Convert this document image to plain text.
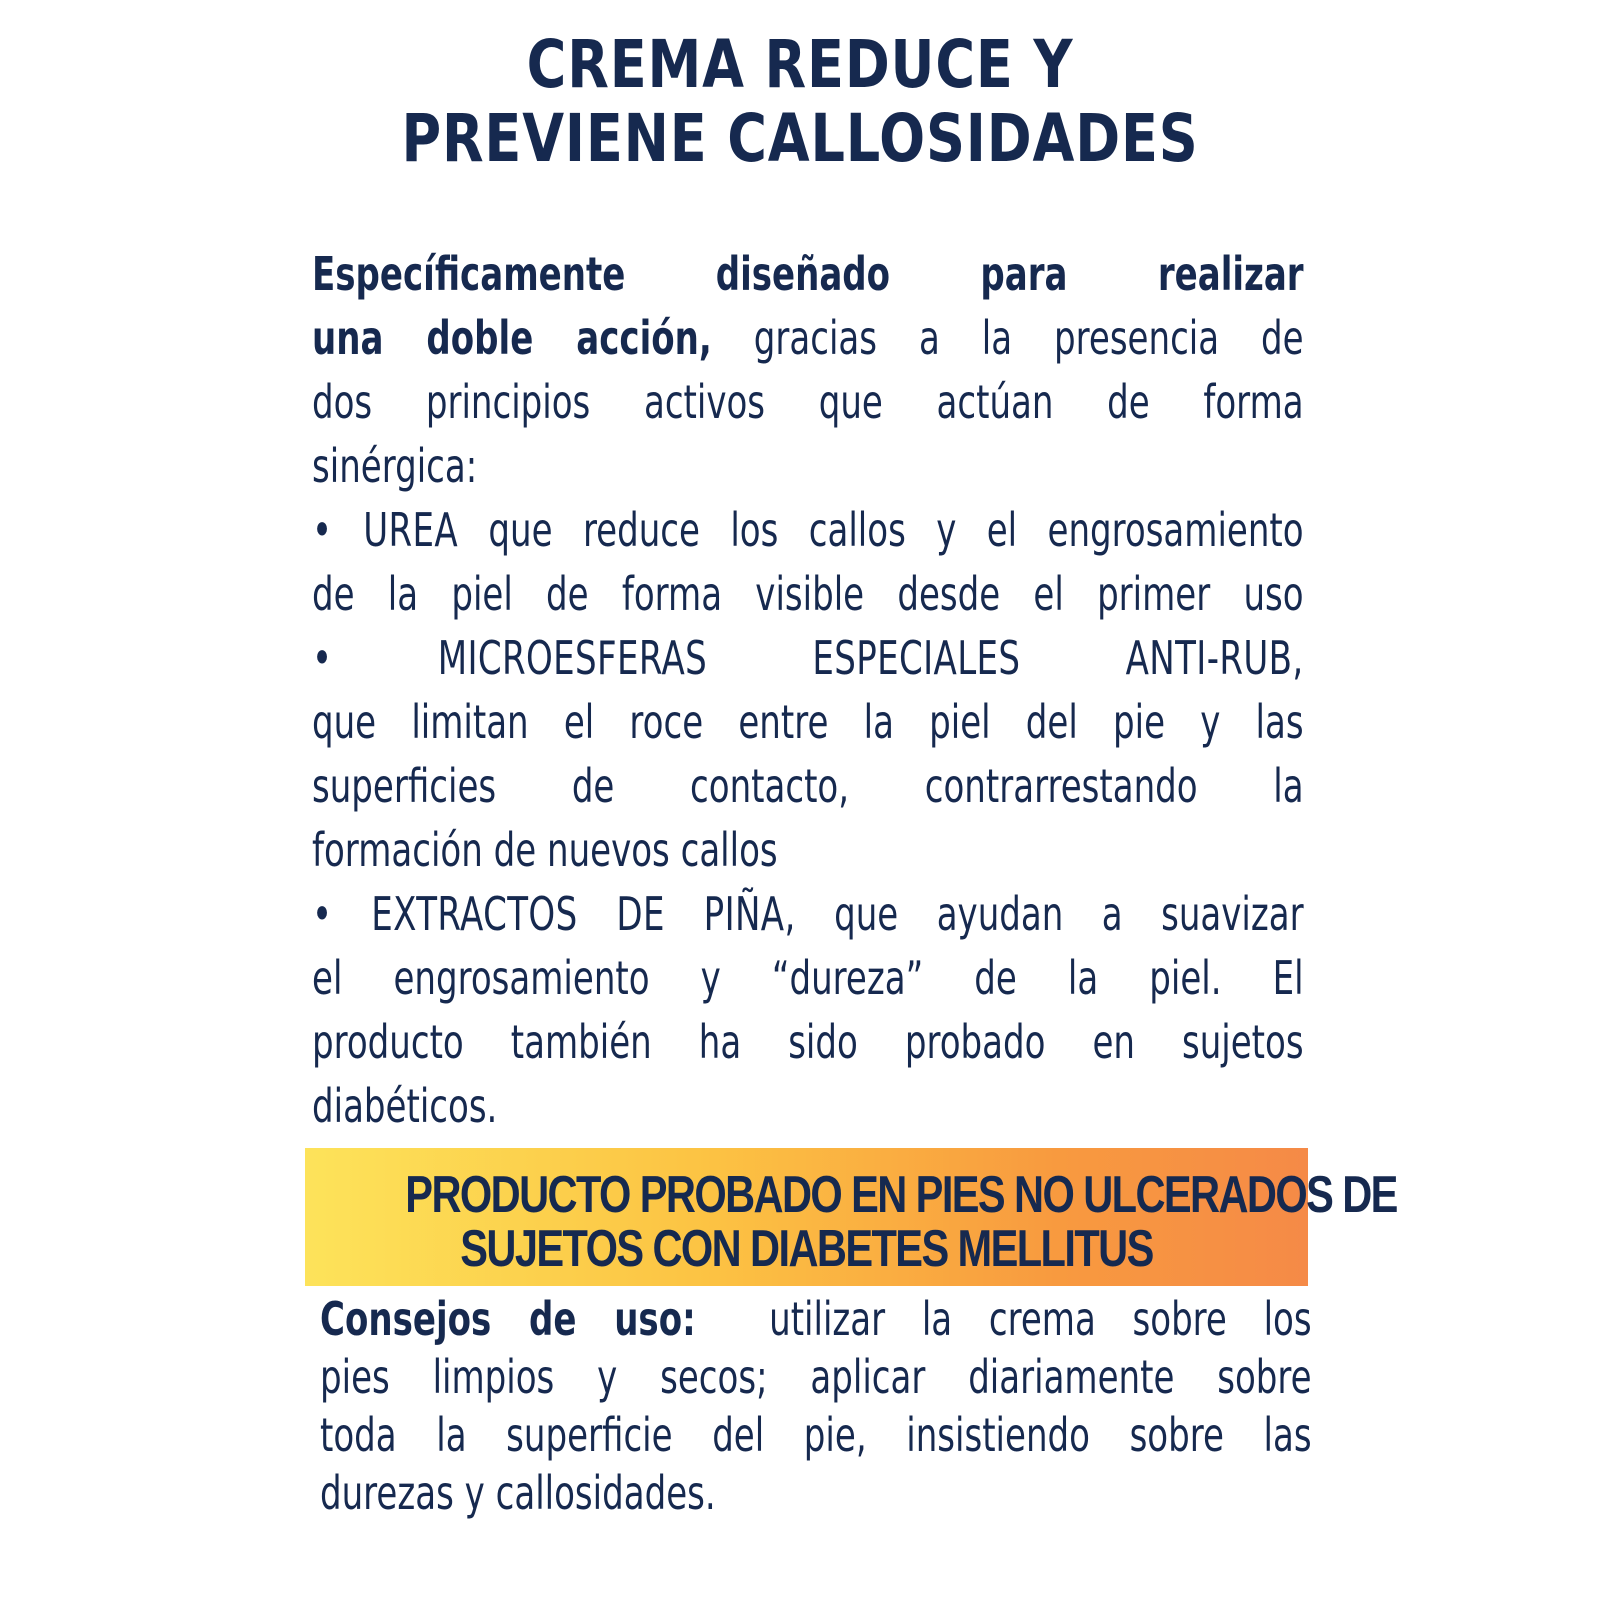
CREMA REDUCE Y
PREVIENE CALLOSIDADES
Específicamente diseñado para realizar
una doble acción, gracias a la presencia de
dos principios activos que actúan de forma
sinérgica:
• UREA que reduce los callos y el engrosamiento
de la piel de forma visible desde el primer uso
• MICROESFERAS ESPECIALES ANTI-RUB,
que limitan el roce entre la piel del pie y las
superficies de contacto, contrarrestando la
formación de nuevos callos
• EXTRACTOS DE PIÑA, que ayudan a suavizar
el engrosamiento y “dureza” de la piel. El
producto también ha sido probado en sujetos
diabéticos.
PRODUCTO PROBADO EN PIES NO ULCERADOS DE
SUJETOS CON DIABETES MELLITUS
Consejos de uso:  utilizar la crema sobre los
pies limpios y secos; aplicar diariamente sobre
toda la superficie del pie, insistiendo sobre las
durezas y callosidades.
